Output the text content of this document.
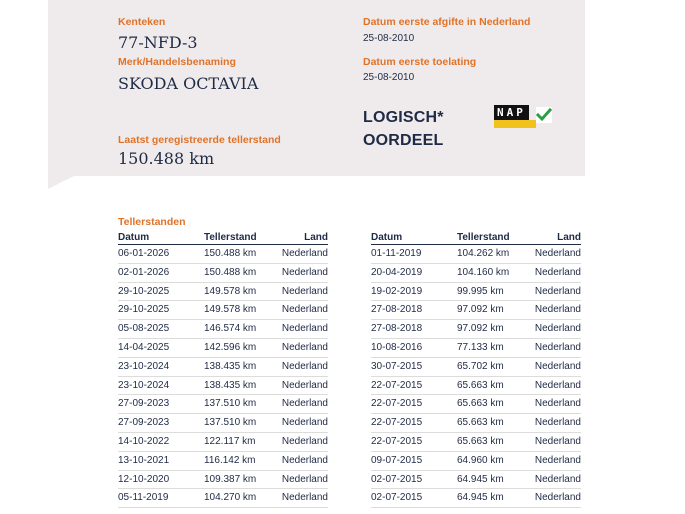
Kenteken
77-NFD-3
Merk/Handelsbenaming
SKODA OCTAVIA
Laatst geregistreerde tellerstand
150.488 km
Datum eerste afgifte in Nederland
25-08-2010
Datum eerste toelating
25-08-2010
LOGISCH*
OORDEEL
NAP
Tellerstanden
Datum	Tellerstand	Land
06-01-2026	150.488 km	Nederland
02-01-2026	150.488 km	Nederland
29-10-2025	149.578 km	Nederland
29-10-2025	149.578 km	Nederland
05-08-2025	146.574 km	Nederland
14-04-2025	142.596 km	Nederland
23-10-2024	138.435 km	Nederland
23-10-2024	138.435 km	Nederland
27-09-2023	137.510 km	Nederland
27-09-2023	137.510 km	Nederland
14-10-2022	122.117 km	Nederland
13-10-2021	116.142 km	Nederland
12-10-2020	109.387 km	Nederland
05-11-2019	104.270 km	Nederland
Datum	Tellerstand	Land
01-11-2019	104.262 km	Nederland
20-04-2019	104.160 km	Nederland
19-02-2019	99.995 km	Nederland
27-08-2018	97.092 km	Nederland
27-08-2018	97.092 km	Nederland
10-08-2016	77.133 km	Nederland
30-07-2015	65.702 km	Nederland
22-07-2015	65.663 km	Nederland
22-07-2015	65.663 km	Nederland
22-07-2015	65.663 km	Nederland
22-07-2015	65.663 km	Nederland
09-07-2015	64.960 km	Nederland
02-07-2015	64.945 km	Nederland
02-07-2015	64.945 km	Nederland
